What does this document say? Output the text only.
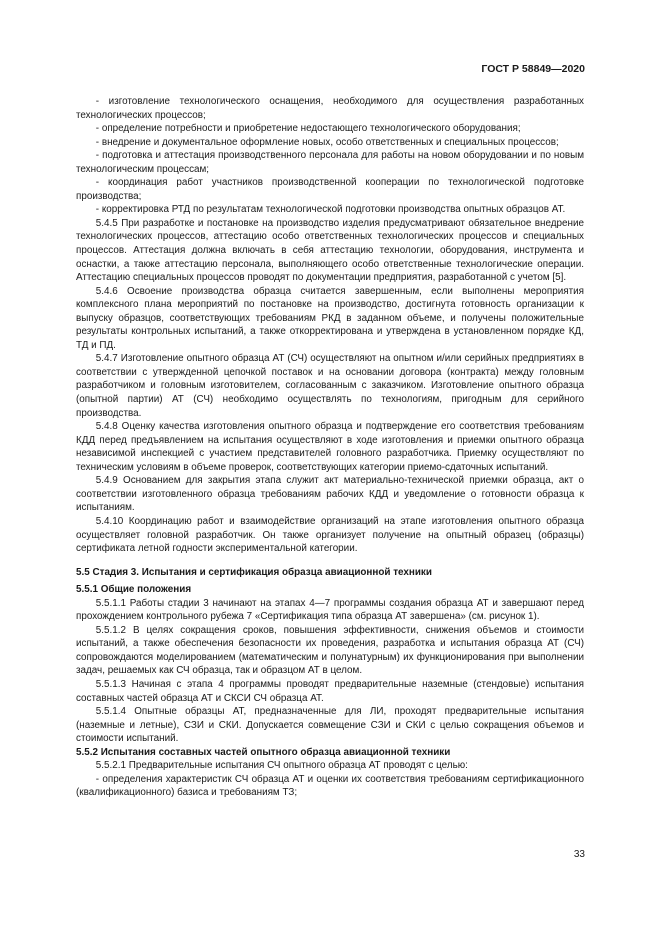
ГОСТ Р 58849—2020

- изготовление технологического оснащения, необходимого для осуществления разработанных технологических процессов;

- определение потребности и приобретение недостающего технологического оборудования;

- внедрение и документальное оформление новых, особо ответственных и специальных процессов;

- подготовка и аттестация производственного персонала для работы на новом оборудовании и по новым технологическим процессам;

- координация работ участников производственной кооперации по технологической подготовке производства;

- корректировка РТД по результатам технологической подготовки производства опытных образцов АТ.

5.4.5 При разработке и постановке на производство изделия предусматривают обязательное внедрение технологических процессов, аттестацию особо ответственных технологических процессов и специальных процессов. Аттестация должна включать в себя аттестацию технологии, оборудования, инструмента и оснастки, а также аттестацию персонала, выполняющего особо ответственные технологические операции. Аттестацию специальных процессов проводят по документации предприятия, разработанной с учетом [5].

5.4.6 Освоение производства образца считается завершенным, если выполнены мероприятия комплексного плана мероприятий по постановке на производство, достигнута готовность организации к выпуску образцов, соответствующих требованиям РКД в заданном объеме, и получены положительные результаты контрольных испытаний, а также откорректирована и утверждена в установленном порядке КД, ТД и ПД.

5.4.7 Изготовление опытного образца АТ (СЧ) осуществляют на опытном и/или серийных предприятиях в соответствии с утвержденной цепочкой поставок и на основании договора (контракта) между головным разработчиком и головным изготовителем, согласованным с заказчиком. Изготовление опытного образца (опытной партии) АТ (СЧ) необходимо осуществлять по технологиям, пригодным для серийного производства.

5.4.8 Оценку качества изготовления опытного образца и подтверждение его соответствия требованиям КДД перед предъявлением на испытания осуществляют в ходе изготовления и приемки опытного образца независимой инспекцией с участием представителей головного разработчика. Приемку осуществляют по техническим условиям в объеме проверок, соответствующих категории приемо-сдаточных испытаний.

5.4.9 Основанием для закрытия этапа служит акт материально-технической приемки образца, акт о соответствии изготовленного образца требованиям рабочих КДД и уведомление о готовности образца к испытаниям.

5.4.10 Координацию работ и взаимодействие организаций на этапе изготовления опытного образца осуществляет головной разработчик. Он также организует получение на опытный образец (образцы) сертификата летной годности экспериментальной категории.

5.5 Стадия 3. Испытания и сертификация образца авиационной техники
5.5.1 Общие положения

5.5.1.1 Работы стадии 3 начинают на этапах 4—7 программы создания образца АТ и завершают перед прохождением контрольного рубежа 7 «Сертификация типа образца АТ завершена» (см. рисунок 1).

5.5.1.2 В целях сокращения сроков, повышения эффективности, снижения объемов и стоимости испытаний, а также обеспечения безопасности их проведения, разработка и испытания образца АТ (СЧ) сопровождаются моделированием (математическим и полунатурным) их функционирования при выполнении задач, решаемых как СЧ образца, так и образцом АТ в целом.

5.5.1.3 Начиная с этапа 4 программы проводят предварительные наземные (стендовые) испытания составных частей образца АТ и СКСИ СЧ образца АТ.

5.5.1.4 Опытные образцы АТ, предназначенные для ЛИ, проходят предварительные испытания (наземные и летные), СЗИ и СКИ. Допускается совмещение СЗИ и СКИ с целью сокращения объемов и стоимости испытаний.

5.5.2 Испытания составных частей опытного образца авиационной техники

5.5.2.1 Предварительные испытания СЧ опытного образца АТ проводят с целью:

- определения характеристик СЧ образца АТ и оценки их соответствия требованиям сертификационного (квалификационного) базиса и требованиям ТЗ;

33
